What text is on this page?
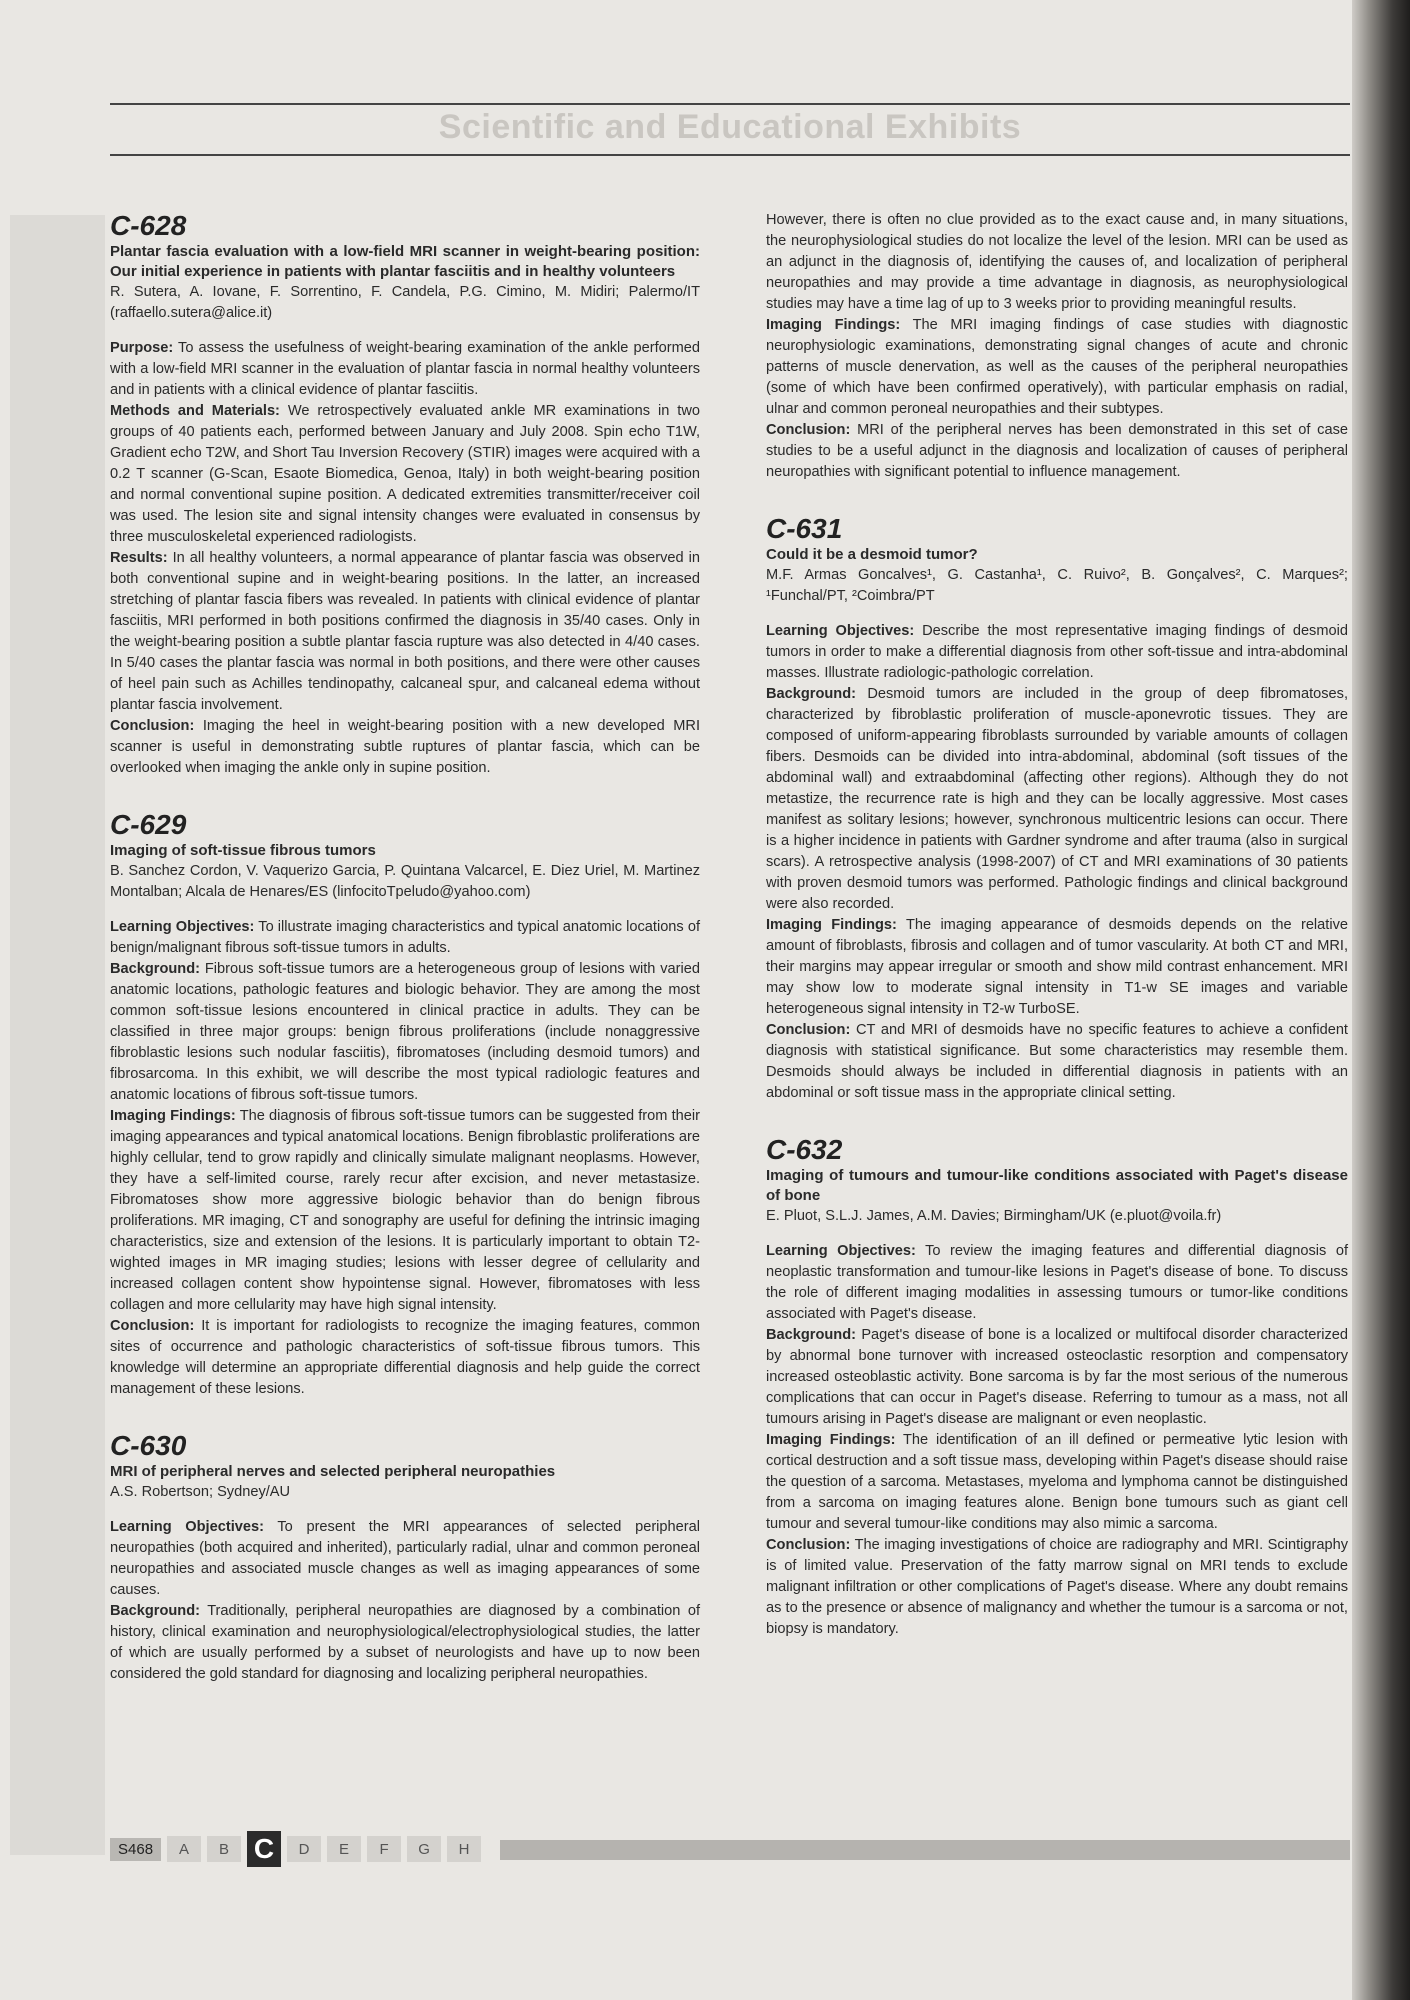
Scientific and Educational Exhibits

C-628

Plantar fascia evaluation with a low-field MRI scanner in weight-bearing position: Our initial experience in patients with plantar fasciitis and in healthy volunteers

R. Sutera, A. Iovane, F. Sorrentino, F. Candela, P.G. Cimino, M. Midiri; Palermo/IT (raffaello.sutera@alice.it)

Purpose: To assess the usefulness of weight-bearing examination of the ankle performed with a low-field MRI scanner in the evaluation of plantar fascia in normal healthy volunteers and in patients with a clinical evidence of plantar fasciitis.

Methods and Materials: We retrospectively evaluated ankle MR examinations in two groups of 40 patients each, performed between January and July 2008. Spin echo T1W, Gradient echo T2W, and Short Tau Inversion Recovery (STIR) images were acquired with a 0.2 T scanner (G-Scan, Esaote Biomedica, Genoa, Italy) in both weight-bearing position and normal conventional supine position. A dedicated extremities transmitter/receiver coil was used. The lesion site and signal intensity changes were evaluated in consensus by three musculoskeletal experienced radiologists.

Results: In all healthy volunteers, a normal appearance of plantar fascia was observed in both conventional supine and in weight-bearing positions. In the latter, an increased stretching of plantar fascia fibers was revealed. In patients with clinical evidence of plantar fasciitis, MRI performed in both positions confirmed the diagnosis in 35/40 cases. Only in the weight-bearing position a subtle plantar fascia rupture was also detected in 4/40 cases. In 5/40 cases the plantar fascia was normal in both positions, and there were other causes of heel pain such as Achilles tendinopathy, calcaneal spur, and calcaneal edema without plantar fascia involvement.

Conclusion: Imaging the heel in weight-bearing position with a new developed MRI scanner is useful in demonstrating subtle ruptures of plantar fascia, which can be overlooked when imaging the ankle only in supine position.

C-629

Imaging of soft-tissue fibrous tumors

B. Sanchez Cordon, V. Vaquerizo Garcia, P. Quintana Valcarcel, E. Diez Uriel, M. Martinez Montalban; Alcala de Henares/ES (linfocitoTpeludo@yahoo.com)

Learning Objectives: To illustrate imaging characteristics and typical anatomic locations of benign/malignant fibrous soft-tissue tumors in adults.

Background: Fibrous soft-tissue tumors are a heterogeneous group of lesions with varied anatomic locations, pathologic features and biologic behavior. They are among the most common soft-tissue lesions encountered in clinical practice in adults. They can be classified in three major groups: benign fibrous proliferations (include nonaggressive fibroblastic lesions such nodular fasciitis), fibromatoses (including desmoid tumors) and fibrosarcoma. In this exhibit, we will describe the most typical radiologic features and anatomic locations of fibrous soft-tissue tumors.

Imaging Findings: The diagnosis of fibrous soft-tissue tumors can be suggested from their imaging appearances and typical anatomical locations. Benign fibroblastic proliferations are highly cellular, tend to grow rapidly and clinically simulate malignant neoplasms. However, they have a self-limited course, rarely recur after excision, and never metastasize. Fibromatoses show more aggressive biologic behavior than do benign fibrous proliferations. MR imaging, CT and sonography are useful for defining the intrinsic imaging characteristics, size and extension of the lesions. It is particularly important to obtain T2-wighted images in MR imaging studies; lesions with lesser degree of cellularity and increased collagen content show hypointense signal. However, fibromatoses with less collagen and more cellularity may have high signal intensity.

Conclusion: It is important for radiologists to recognize the imaging features, common sites of occurrence and pathologic characteristics of soft-tissue fibrous tumors. This knowledge will determine an appropriate differential diagnosis and help guide the correct management of these lesions.

C-630

MRI of peripheral nerves and selected peripheral neuropathies

A.S. Robertson; Sydney/AU

Learning Objectives: To present the MRI appearances of selected peripheral neuropathies (both acquired and inherited), particularly radial, ulnar and common peroneal neuropathies and associated muscle changes as well as imaging appearances of some causes.

Background: Traditionally, peripheral neuropathies are diagnosed by a combination of history, clinical examination and neurophysiological/electrophysiological studies, the latter of which are usually performed by a subset of neurologists and have up to now been considered the gold standard for diagnosing and localizing peripheral neuropathies.

However, there is often no clue provided as to the exact cause and, in many situations, the neurophysiological studies do not localize the level of the lesion. MRI can be used as an adjunct in the diagnosis of, identifying the causes of, and localization of peripheral neuropathies and may provide a time advantage in diagnosis, as neurophysiological studies may have a time lag of up to 3 weeks prior to providing meaningful results.

Imaging Findings: The MRI imaging findings of case studies with diagnostic neurophysiologic examinations, demonstrating signal changes of acute and chronic patterns of muscle denervation, as well as the causes of the peripheral neuropathies (some of which have been confirmed operatively), with particular emphasis on radial, ulnar and common peroneal neuropathies and their subtypes.

Conclusion: MRI of the peripheral nerves has been demonstrated in this set of case studies to be a useful adjunct in the diagnosis and localization of causes of peripheral neuropathies with significant potential to influence management.

C-631

Could it be a desmoid tumor?

M.F. Armas Goncalves¹, G. Castanha¹, C. Ruivo², B. Gonçalves², C. Marques²; ¹Funchal/PT, ²Coimbra/PT

Learning Objectives: Describe the most representative imaging findings of desmoid tumors in order to make a differential diagnosis from other soft-tissue and intra-abdominal masses. Illustrate radiologic-pathologic correlation.

Background: Desmoid tumors are included in the group of deep fibromatoses, characterized by fibroblastic proliferation of muscle-aponevrotic tissues. They are composed of uniform-appearing fibroblasts surrounded by variable amounts of collagen fibers. Desmoids can be divided into intra-abdominal, abdominal (soft tissues of the abdominal wall) and extraabdominal (affecting other regions). Although they do not metastize, the recurrence rate is high and they can be locally aggressive. Most cases manifest as solitary lesions; however, synchronous multicentric lesions can occur. There is a higher incidence in patients with Gardner syndrome and after trauma (also in surgical scars). A retrospective analysis (1998-2007) of CT and MRI examinations of 30 patients with proven desmoid tumors was performed. Pathologic findings and clinical background were also recorded.

Imaging Findings: The imaging appearance of desmoids depends on the relative amount of fibroblasts, fibrosis and collagen and of tumor vascularity. At both CT and MRI, their margins may appear irregular or smooth and show mild contrast enhancement. MRI may show low to moderate signal intensity in T1-w SE images and variable heterogeneous signal intensity in T2-w TurboSE.

Conclusion: CT and MRI of desmoids have no specific features to achieve a confident diagnosis with statistical significance. But some characteristics may resemble them. Desmoids should always be included in differential diagnosis in patients with an abdominal or soft tissue mass in the appropriate clinical setting.

C-632

Imaging of tumours and tumour-like conditions associated with Paget's disease of bone

E. Pluot, S.L.J. James, A.M. Davies; Birmingham/UK (e.pluot@voila.fr)

Learning Objectives: To review the imaging features and differential diagnosis of neoplastic transformation and tumour-like lesions in Paget's disease of bone. To discuss the role of different imaging modalities in assessing tumours or tumor-like conditions associated with Paget's disease.

Background: Paget's disease of bone is a localized or multifocal disorder characterized by abnormal bone turnover with increased osteoclastic resorption and compensatory increased osteoblastic activity. Bone sarcoma is by far the most serious of the numerous complications that can occur in Paget's disease. Referring to tumour as a mass, not all tumours arising in Paget's disease are malignant or even neoplastic.

Imaging Findings: The identification of an ill defined or permeative lytic lesion with cortical destruction and a soft tissue mass, developing within Paget's disease should raise the question of a sarcoma. Metastases, myeloma and lymphoma cannot be distinguished from a sarcoma on imaging features alone. Benign bone tumours such as giant cell tumour and several tumour-like conditions may also mimic a sarcoma.

Conclusion: The imaging investigations of choice are radiography and MRI. Scintigraphy is of limited value. Preservation of the fatty marrow signal on MRI tends to exclude malignant infiltration or other complications of Paget's disease. Where any doubt remains as to the presence or absence of malignancy and whether the tumour is a sarcoma or not, biopsy is mandatory.

S468	A	B C	D	E	F	G	H
